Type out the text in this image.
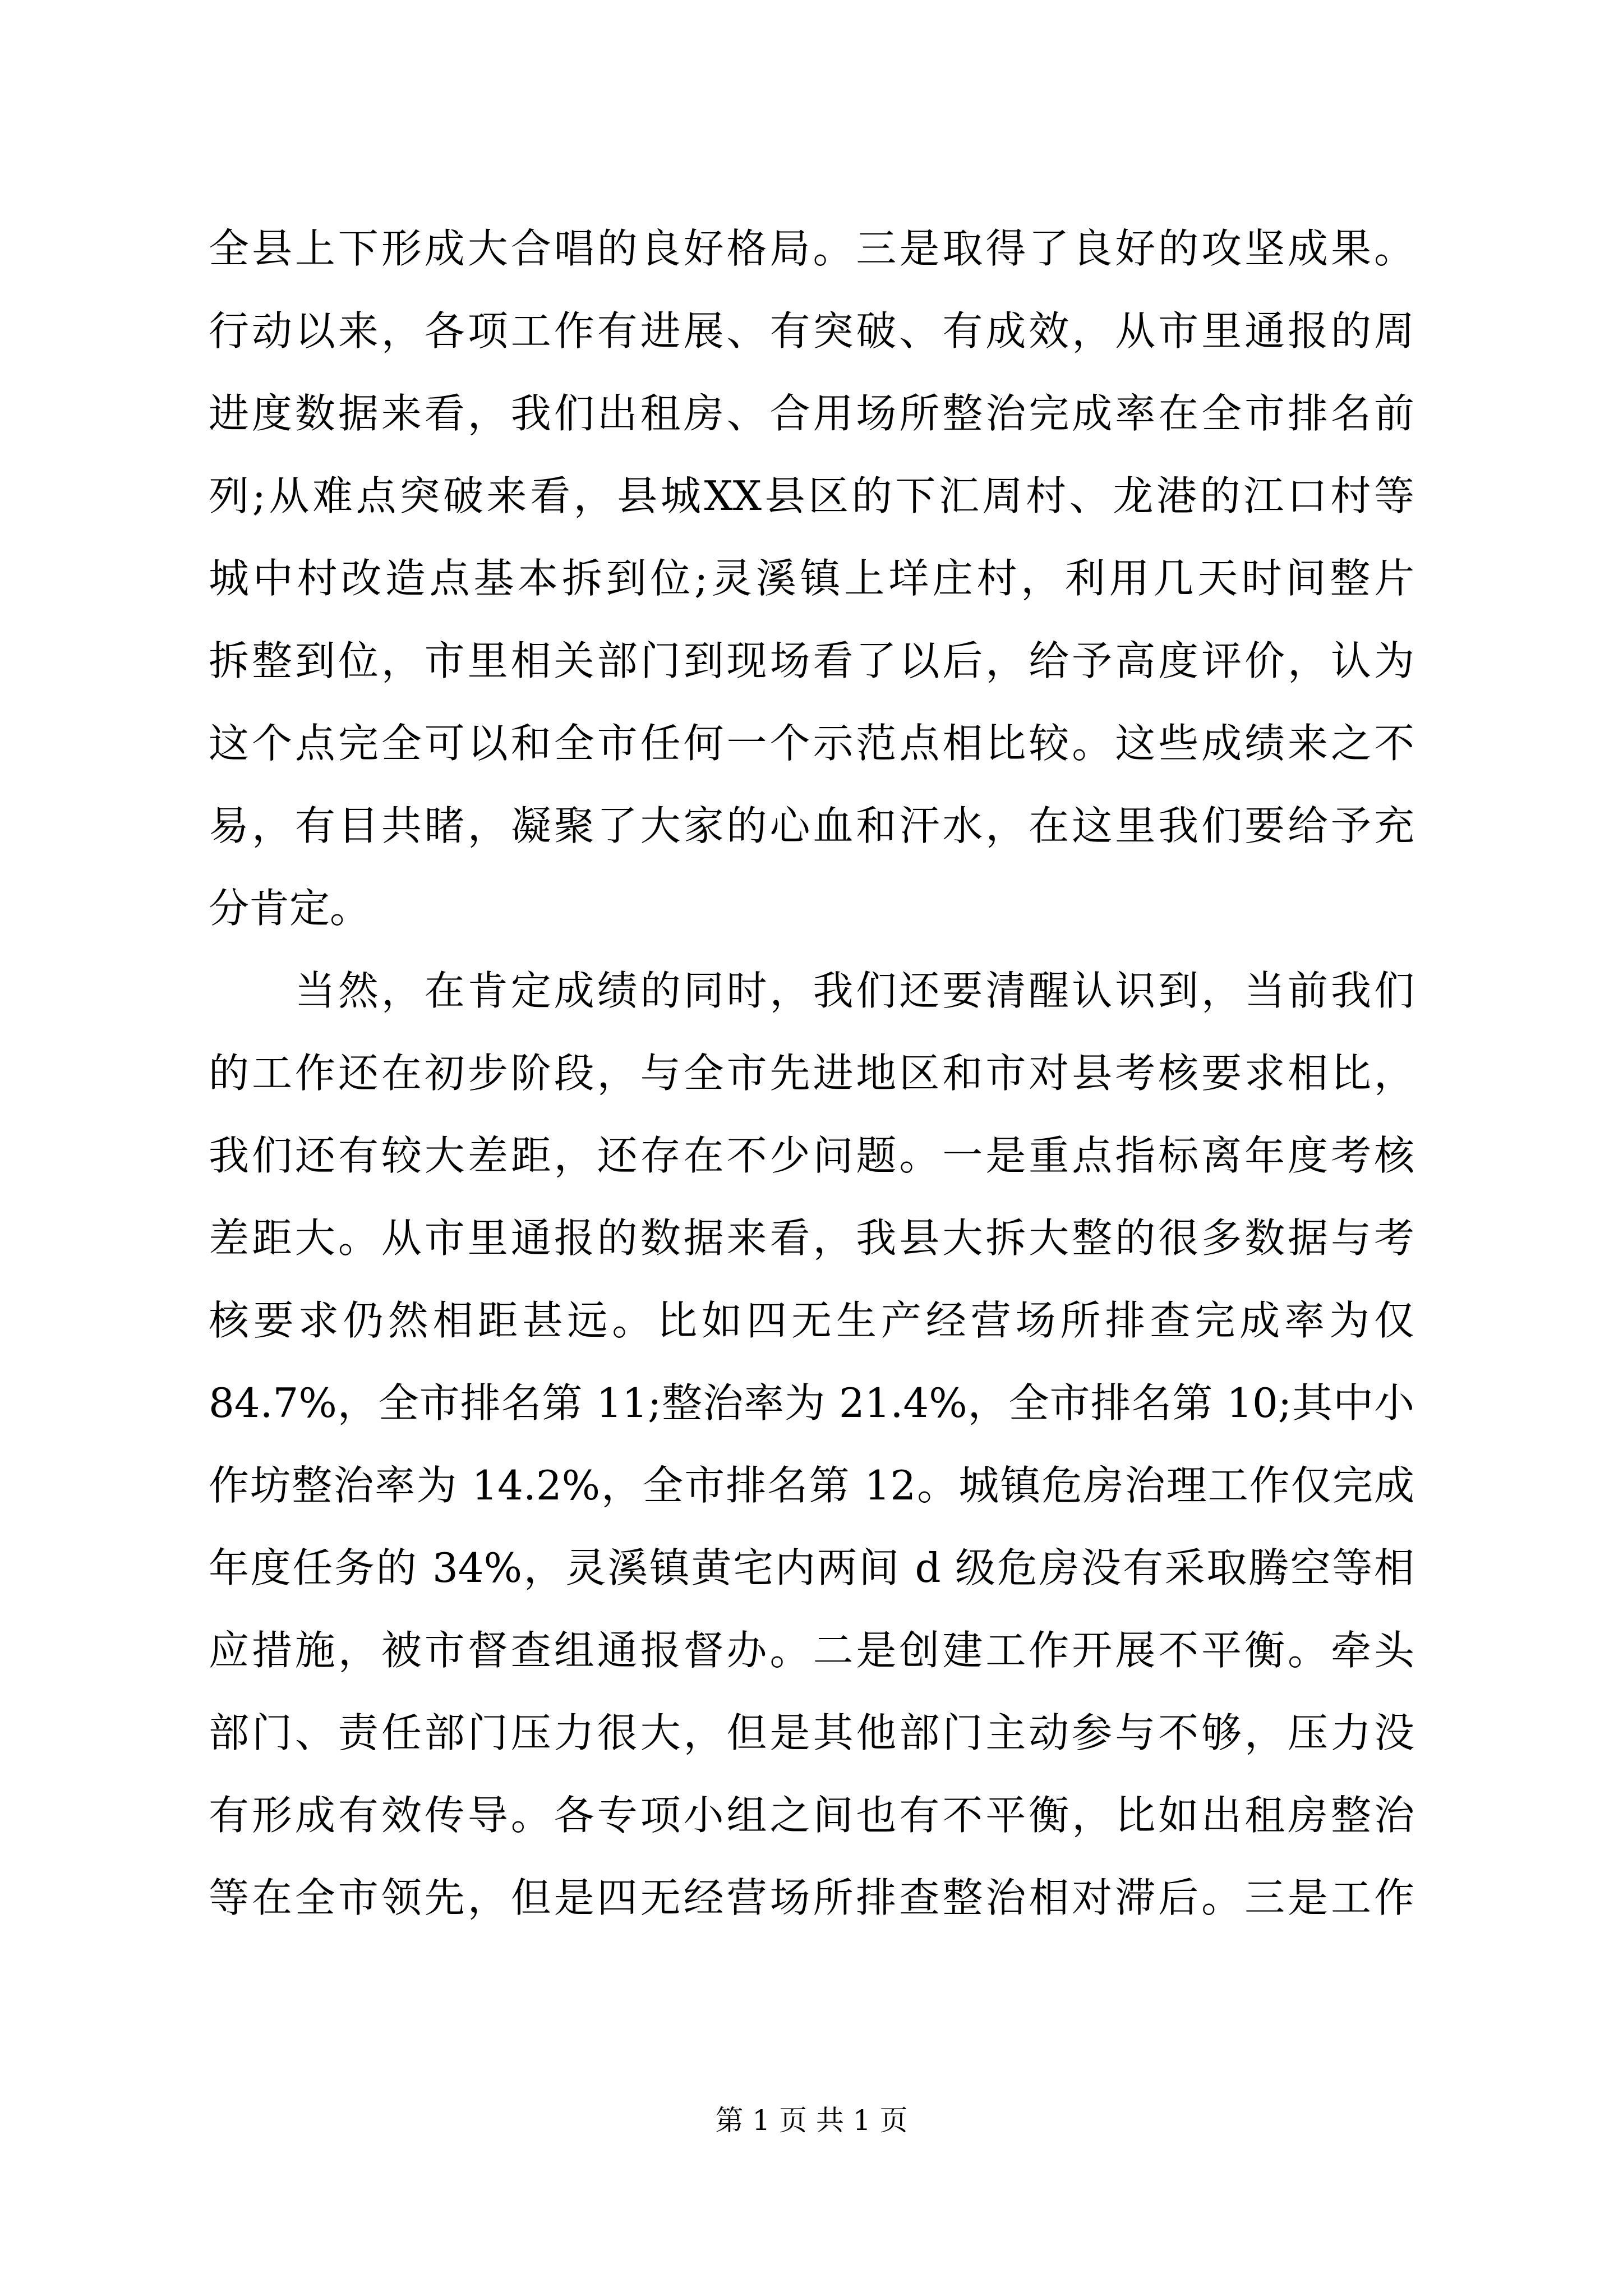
全县上下形成大合唱的良好格局。三是取得了良好的攻坚成果。
行动以来，各项工作有进展、有突破、有成效，从市里通报的周
进度数据来看，我们出租房、合用场所整治完成率在全市排名前
列;从难点突破来看，县城XX县区的下汇周村、龙港的江口村等
城中村改造点基本拆到位;灵溪镇上垟庄村，利用几天时间整片
拆整到位，市里相关部门到现场看了以后，给予高度评价，认为
这个点完全可以和全市任何一个示范点相比较。这些成绩来之不
易，有目共睹，凝聚了大家的心血和汗水，在这里我们要给予充
分肯定。
　　当然，在肯定成绩的同时，我们还要清醒认识到，当前我们
的工作还在初步阶段，与全市先进地区和市对县考核要求相比，
我们还有较大差距，还存在不少问题。一是重点指标离年度考核
差距大。从市里通报的数据来看，我县大拆大整的很多数据与考
核要求仍然相距甚远。比如四无生产经营场所排查完成率为仅
84.7%，全市排名第 11;整治率为 21.4%，全市排名第 10;其中小
作坊整治率为 14.2%，全市排名第 12。城镇危房治理工作仅完成
年度任务的 34%，灵溪镇黄宅内两间 d 级危房没有采取腾空等相
应措施，被市督查组通报督办。二是创建工作开展不平衡。牵头
部门、责任部门压力很大，但是其他部门主动参与不够，压力没
有形成有效传导。各专项小组之间也有不平衡，比如出租房整治
等在全市领先，但是四无经营场所排查整治相对滞后。三是工作
第 1 页 共 1 页
